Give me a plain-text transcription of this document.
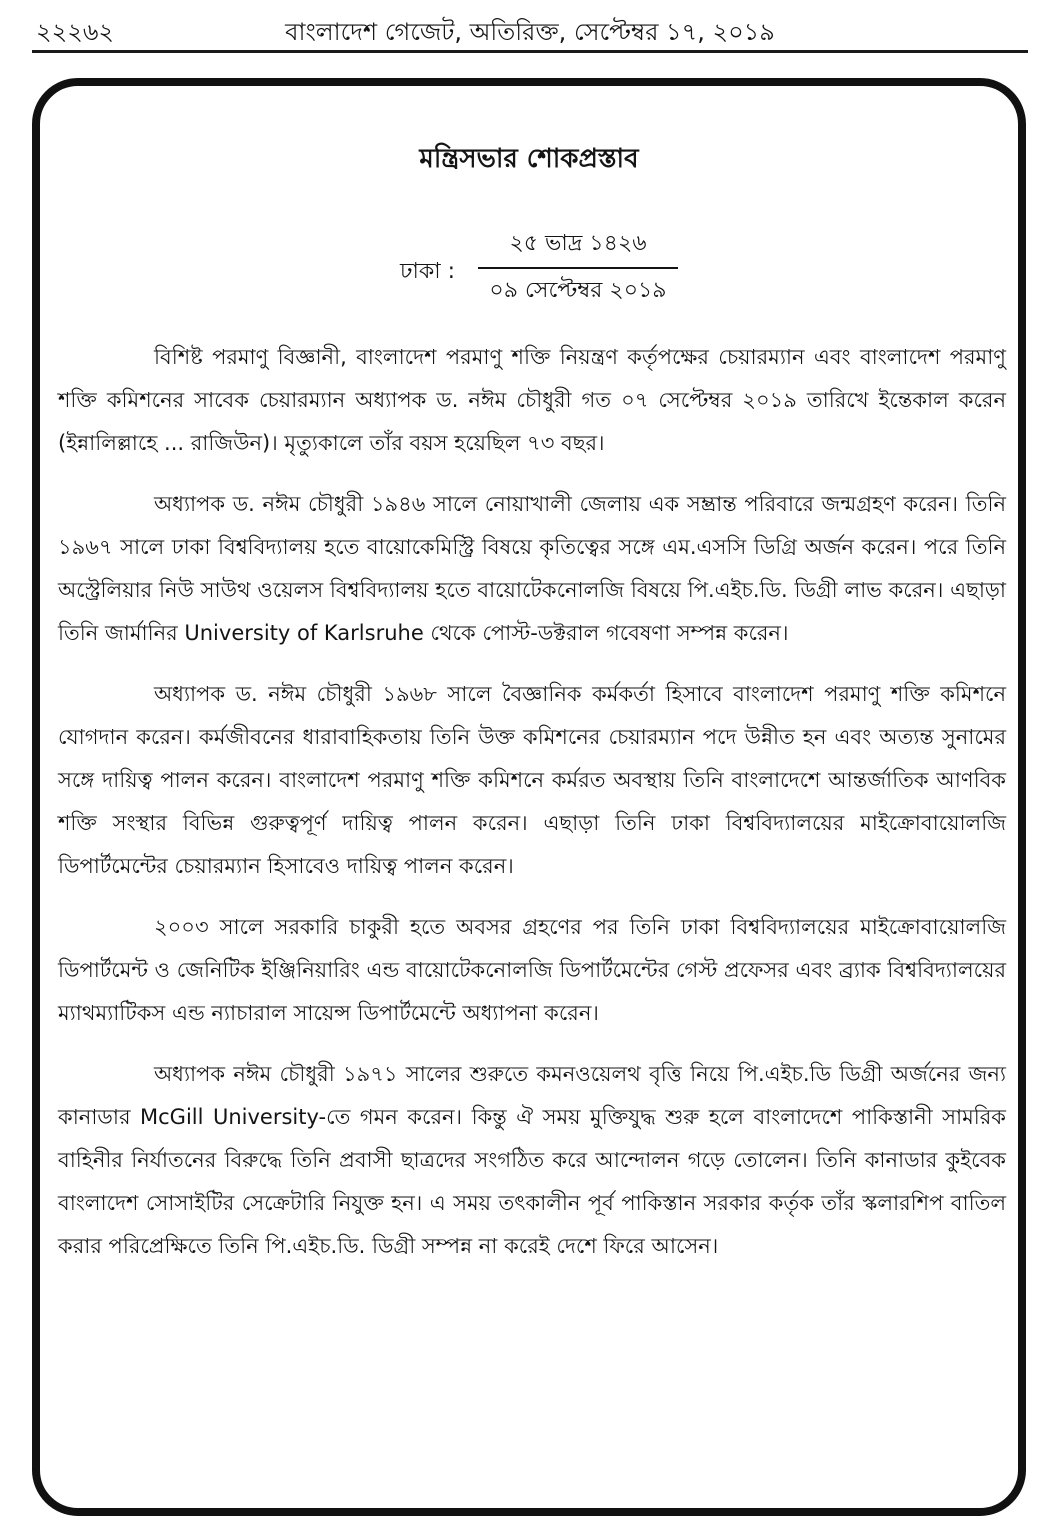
২২২৬২	বাংলাদেশ গেজেট, অতিরিক্ত, সেপ্টেম্বর ১৭, ২০১৯
মন্ত্রিসভার শোকপ্রস্তাব
ঢাকা :
২৫ ভাদ্র ১৪২৬
০৯ সেপ্টেম্বর ২০১৯

বিশিষ্ট পরমাণু বিজ্ঞানী, বাংলাদেশ পরমাণু শক্তি নিয়ন্ত্রণ কর্তৃপক্ষের চেয়ারম্যান এবং বাংলাদেশ পরমাণু শক্তি কমিশনের সাবেক চেয়ারম্যান অধ্যাপক ড. নঈম চৌধুরী গত ০৭ সেপ্টেম্বর ২০১৯ তারিখে ইন্তেকাল করেন (ইন্নালিল্লাহে ... রাজিউন)। মৃত্যুকালে তাঁর বয়স হয়েছিল ৭৩ বছর।

অধ্যাপক ড. নঈম চৌধুরী ১৯৪৬ সালে নোয়াখালী জেলায় এক সম্ভ্রান্ত পরিবারে জন্মগ্রহণ করেন। তিনি ১৯৬৭ সালে ঢাকা বিশ্ববিদ্যালয় হতে বায়োকেমিস্ট্রি বিষয়ে কৃতিত্বের সঙ্গে এম.এসসি ডিগ্রি অর্জন করেন। পরে তিনি অস্ট্রেলিয়ার নিউ সাউথ ওয়েলস বিশ্ববিদ্যালয় হতে বায়োটেকনোলজি বিষয়ে পি.এইচ.ডি. ডিগ্রী লাভ করেন। এছাড়া তিনি জার্মানির University of Karlsruhe থেকে পোস্ট-ডক্টরাল গবেষণা সম্পন্ন করেন।

অধ্যাপক ড. নঈম চৌধুরী ১৯৬৮ সালে বৈজ্ঞানিক কর্মকর্তা হিসাবে বাংলাদেশ পরমাণু শক্তি কমিশনে যোগদান করেন। কর্মজীবনের ধারাবাহিকতায় তিনি উক্ত কমিশনের চেয়ারম্যান পদে উন্নীত হন এবং অত্যন্ত সুনামের সঙ্গে দায়িত্ব পালন করেন। বাংলাদেশ পরমাণু শক্তি কমিশনে কর্মরত অবস্থায় তিনি বাংলাদেশে আন্তর্জাতিক আণবিক শক্তি সংস্থার বিভিন্ন গুরুত্বপূর্ণ দায়িত্ব পালন করেন। এছাড়া তিনি ঢাকা বিশ্ববিদ্যালয়ের মাইক্রোবায়োলজি ডিপার্টমেন্টের চেয়ারম্যান হিসাবেও দায়িত্ব পালন করেন।

২০০৩ সালে সরকারি চাকুরী হতে অবসর গ্রহণের পর তিনি ঢাকা বিশ্ববিদ্যালয়ের মাইক্রোবায়োলজি ডিপার্টমেন্ট ও জেনিটিক ইঞ্জিনিয়ারিং এন্ড বায়োটেকনোলজি ডিপার্টমেন্টের গেস্ট প্রফেসর এবং ব্র্যাক বিশ্ববিদ্যালয়ের ম্যাথম্যাটিকস এন্ড ন্যাচারাল সায়েন্স ডিপার্টমেন্টে অধ্যাপনা করেন।

অধ্যাপক নঈম চৌধুরী ১৯৭১ সালের শুরুতে কমনওয়েলথ বৃত্তি নিয়ে পি.এইচ.ডি ডিগ্রী অর্জনের জন্য কানাডার McGill University-তে গমন করেন। কিন্তু ঐ সময় মুক্তিযুদ্ধ শুরু হলে বাংলাদেশে পাকিস্তানী সামরিক বাহিনীর নির্যাতনের বিরুদ্ধে তিনি প্রবাসী ছাত্রদের সংগঠিত করে আন্দোলন গড়ে তোলেন। তিনি কানাডার কুইবেক বাংলাদেশ সোসাইটির সেক্রেটারি নিযুক্ত হন। এ সময় তৎকালীন পূর্ব পাকিস্তান সরকার কর্তৃক তাঁর স্কলারশিপ বাতিল করার পরিপ্রেক্ষিতে তিনি পি.এইচ.ডি. ডিগ্রী সম্পন্ন না করেই দেশে ফিরে আসেন।
